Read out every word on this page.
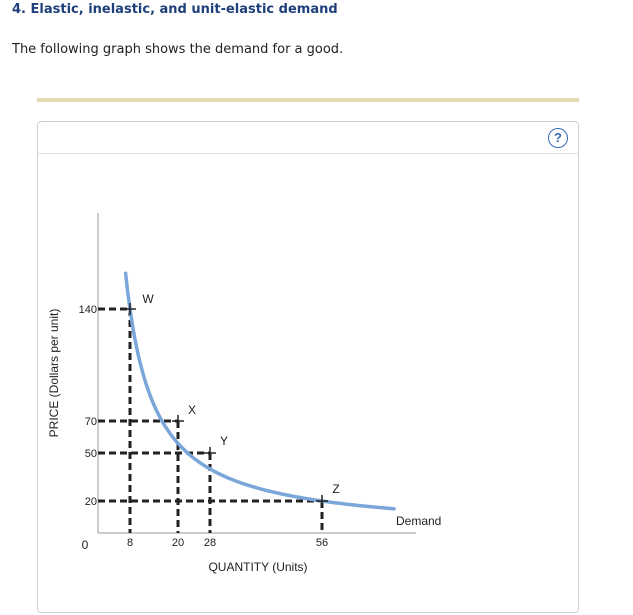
4. Elastic, inelastic, and unit-elastic demand
The following graph shows the demand for a good.
?
QUANTITY (Units)
PRICE (Dollars per unit)
0
W
X
Y
Z
8	20 28	56
140
70
50
20
Demand
